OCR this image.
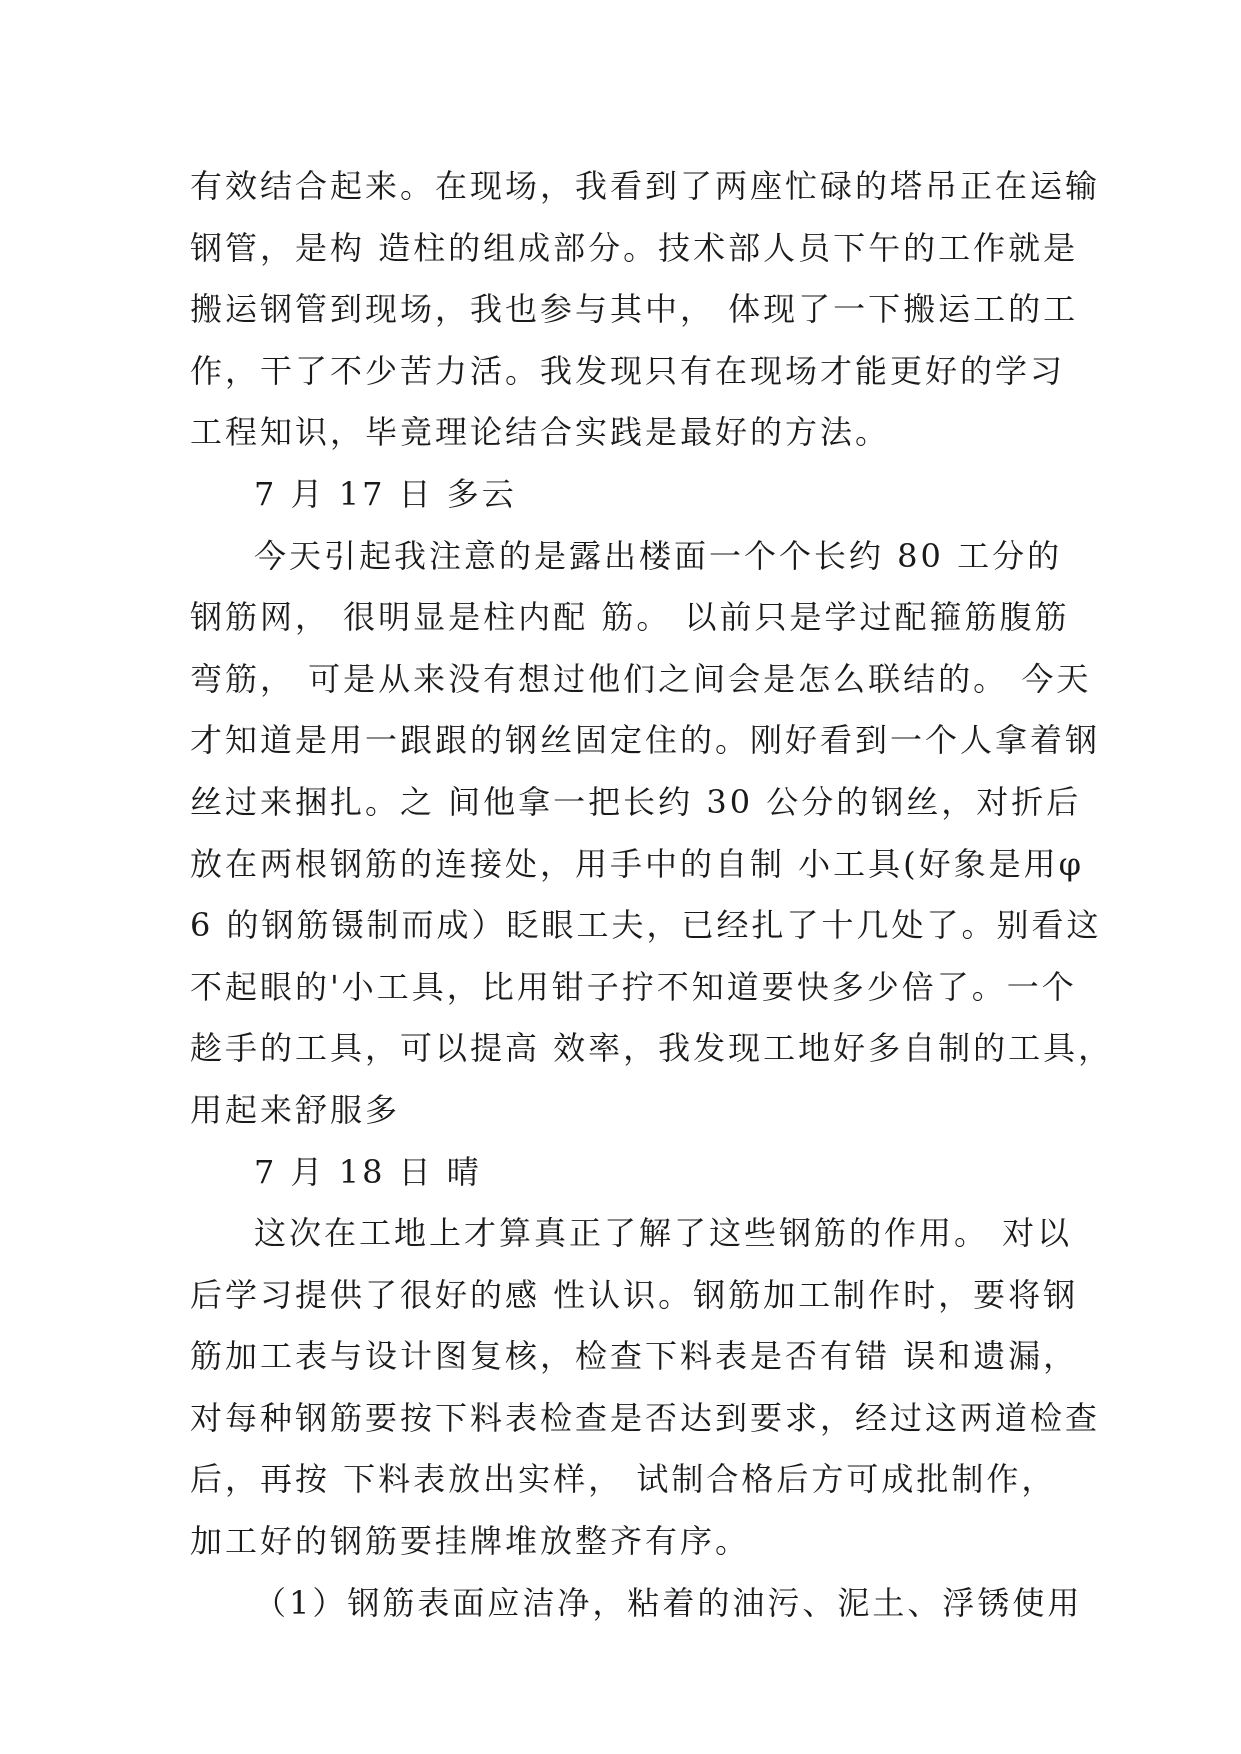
有效结合起来。在现场，我看到了两座忙碌的塔吊正在运输
钢管，是构 造柱的组成部分。技术部人员下午的工作就是
搬运钢管到现场，我也参与其中， 体现了一下搬运工的工
作，干了不少苦力活。我发现只有在现场才能更好的学习
工程知识，毕竟理论结合实践是最好的方法。
7 月 17 日 多云
今天引起我注意的是露出楼面一个个长约 80 工分的
钢筋网， 很明显是柱内配 筋。 以前只是学过配箍筋腹筋
弯筋， 可是从来没有想过他们之间会是怎么联结的。 今天
才知道是用一跟跟的钢丝固定住的。刚好看到一个人拿着钢
丝过来捆扎。之 间他拿一把长约 30 公分的钢丝，对折后
放在两根钢筋的连接处，用手中的自制 小工具(好象是用φ
6 的钢筋镊制而成）眨眼工夫，已经扎了十几处了。别看这
不起眼的'小工具，比用钳子拧不知道要快多少倍了。一个
趁手的工具，可以提高 效率，我发现工地好多自制的工具，
用起来舒服多
7 月 18 日 晴
这次在工地上才算真正了解了这些钢筋的作用。 对以
后学习提供了很好的感 性认识。钢筋加工制作时，要将钢
筋加工表与设计图复核，检查下料表是否有错 误和遗漏，
对每种钢筋要按下料表检查是否达到要求，经过这两道检查
后，再按 下料表放出实样， 试制合格后方可成批制作，
加工好的钢筋要挂牌堆放整齐有序。
（1）钢筋表面应洁净，粘着的油污、泥土、浮锈使用
